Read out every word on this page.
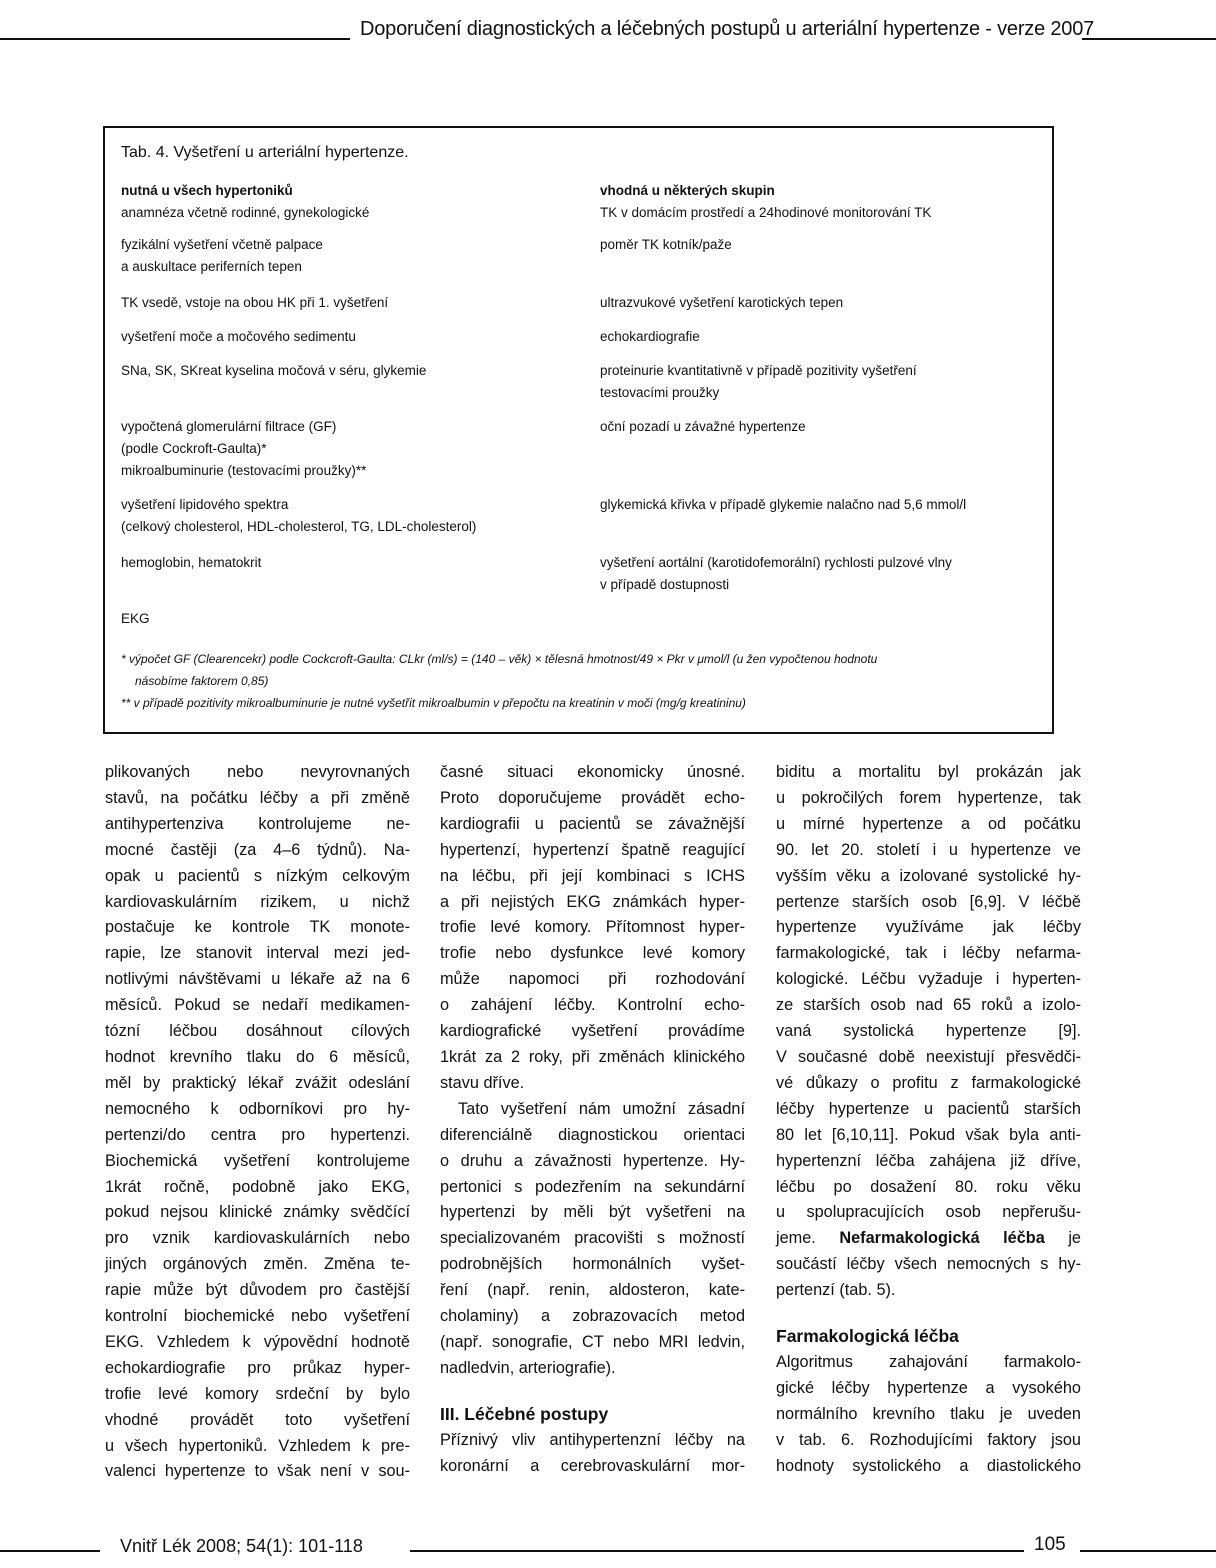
Doporučení diagnostických a léčebných postupů u arteriální hypertenze - verze 2007
Tab. 4. Vyšetření u arteriální hypertenze.
nutná u všech hypertoniků
anamnéza včetně rodinné, gynekologické
fyzikální vyšetření včetně palpace
a auskultace periferních tepen
TK vsedě, vstoje na obou HK při 1. vyšetření
vyšetření moče a močového sedimentu
SNa, SK, SKreat kyselina močová v séru, glykemie
vypočtená glomerulární filtrace (GF)
(podle Cockroft-Gaulta)*
mikroalbuminurie (testovacími proužky)**
vyšetření lipidového spektra
(celkový cholesterol, HDL-cholesterol, TG, LDL-cholesterol)
hemoglobin, hematokrit
EKG
vhodná u některých skupin
TK v domácím prostředí a 24hodinové monitorování TK
poměr TK kotník/paže
ultrazvukové vyšetření karotických tepen
echokardiografie
proteinurie kvantitativně v případě pozitivity vyšetření
testovacími proužky
oční pozadí u závažné hypertenze
glykemická křivka v případě glykemie nalačno nad 5,6 mmol/l
vyšetření aortální (karotidofemorální) rychlosti pulzové vlny
v případě dostupnosti
* výpočet GF (Clearencekr) podle Cockcroft-Gaulta: CLkr (ml/s) = (140 – věk) × tělesná hmotnost/49 × Pkr v μmol/l (u žen vypočtenou hodnotu
násobíme faktorem 0,85)
** v případě pozitivity mikroalbuminurie je nutné vyšetřit mikroalbumin v přepočtu na kreatinin v moči (mg/g kreatininu)
plikovaných nebo nevyrovnaných
stavů, na počátku léčby a při změně
antihypertenziva kontrolujeme ne-
mocné častěji (za 4–6 týdnů). Na-
opak u pacientů s nízkým celkovým
kardiovaskulárním rizikem, u nichž
postačuje ke kontrole TK monote-
rapie, lze stanovit interval mezi jed-
notlivými návštěvami u lékaře až na 6
měsíců. Pokud se nedaří medikamen-
tózní léčbou dosáhnout cílových
hodnot krevního tlaku do 6 měsíců,
měl by praktický lékař zvážit odeslání
nemocného k odborníkovi pro hy-
pertenzi/do centra pro hypertenzi.
Biochemická vyšetření kontrolujeme
1krát ročně, podobně jako EKG,
pokud nejsou klinické známky svědčící
pro vznik kardiovaskulárních nebo
jiných orgánových změn. Změna te-
rapie může být důvodem pro častější
kontrolní biochemické nebo vyšetření
EKG. Vzhledem k výpovědní hodnotě
echokardiografie pro průkaz hyper-
trofie levé komory srdeční by bylo
vhodné provádět toto vyšetření
u všech hypertoniků. Vzhledem k pre-
valenci hypertenze to však není v sou-
časné situaci ekonomicky únosné.
Proto doporučujeme provádět echo-
kardiografii u pacientů se závažnější
hypertenzí, hypertenzí špatně reagující
na léčbu, při její kombinaci s ICHS
a při nejistých EKG známkách hyper-
trofie levé komory. Přítomnost hyper-
trofie nebo dysfunkce levé komory
může napomoci při rozhodování
o zahájení léčby. Kontrolní echo-
kardiografické vyšetření provádíme
1krát za 2 roky, při změnách klinického
stavu dříve.
Tato vyšetření nám umožní zásadní
diferenciálně diagnostickou orientaci
o druhu a závažnosti hypertenze. Hy-
pertonici s podezřením na sekundární
hypertenzi by měli být vyšetřeni na
specializovaném pracovišti s možností
podrobnějších hormonálních vyšet-
ření (např. renin, aldosteron, kate-
cholaminy) a zobrazovacích metod
(např. sonografie, CT nebo MRI ledvin,
nadledvin, arteriografie).
III. Léčebné postupy
Příznivý vliv antihypertenzní léčby na
koronární a cerebrovaskulární mor-
biditu a mortalitu byl prokázán jak
u pokročilých forem hypertenze, tak
u mírné hypertenze a od počátku
90. let 20. století i u hypertenze ve
vyšším věku a izolované systolické hy-
pertenze starších osob [6,9]. V léčbě
hypertenze využíváme jak léčby
farmakologické, tak i léčby nefarma-
kologické. Léčbu vyžaduje i hyperten-
ze starších osob nad 65 roků a izolo-
vaná systolická hypertenze [9].
V současné době neexistují přesvědči-
vé důkazy o profitu z farmakologické
léčby hypertenze u pacientů starších
80 let [6,10,11]. Pokud však byla anti-
hypertenzní léčba zahájena již dříve,
léčbu po dosažení 80. roku věku
u spolupracujících osob nepřerušu-
jeme. Nefarmakologická léčba je
součástí léčby všech nemocných s hy-
pertenzí (tab. 5).
Farmakologická léčba
Algoritmus zahajování farmakolo-
gické léčby hypertenze a vysokého
normálního krevního tlaku je uveden
v tab. 6. Rozhodujícími faktory jsou
hodnoty systolického a diastolického
Vnitř Lék 2008; 54(1): 101-118	105
